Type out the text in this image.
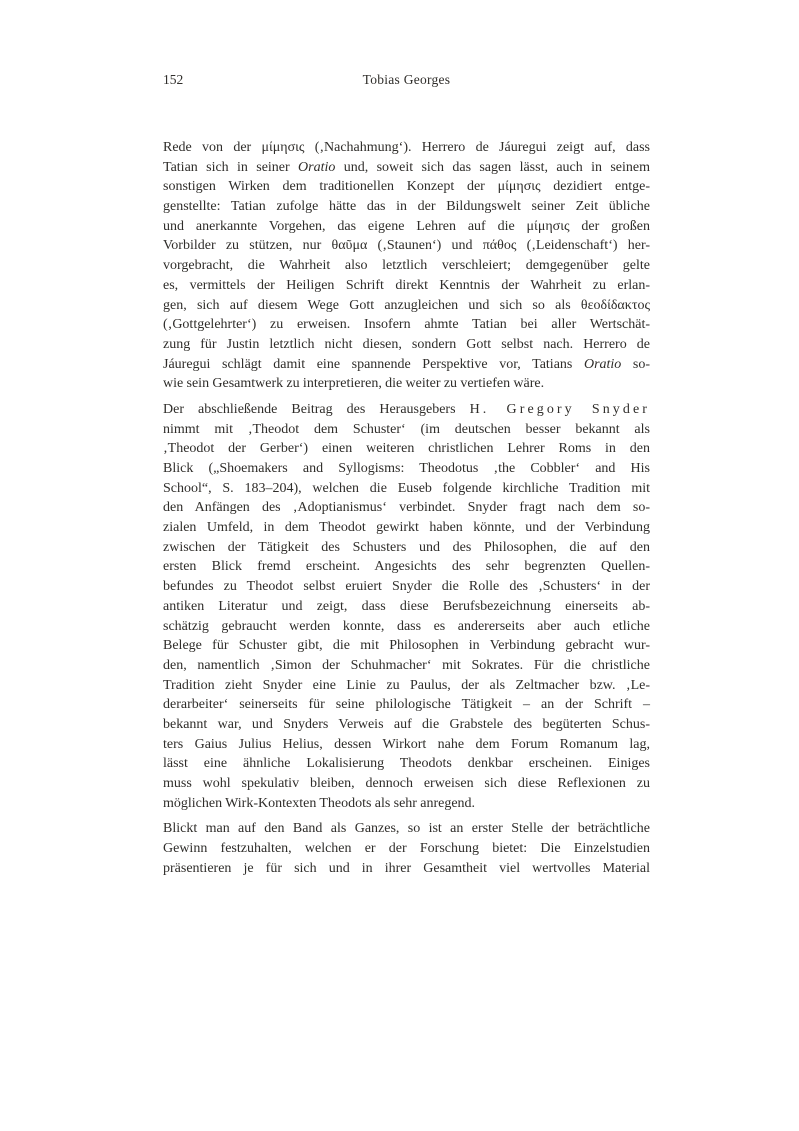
152	Tobias Georges
Rede von der μίμησις (‚Nachahmung‘). Herrero de Jáuregui zeigt auf, dass
Tatian sich in seiner Oratio und, soweit sich das sagen lässt, auch in seinem
sonstigen Wirken dem traditionellen Konzept der μίμησις dezidiert entge-
genstellte: Tatian zufolge hätte das in der Bildungswelt seiner Zeit übliche
und anerkannte Vorgehen, das eigene Lehren auf die μίμησις der großen
Vorbilder zu stützen, nur θαῦμα (‚Staunen‘) und πάθος (‚Leidenschaft‘) her-
vorgebracht, die Wahrheit also letztlich verschleiert; demgegenüber gelte
es, vermittels der Heiligen Schrift direkt Kenntnis der Wahrheit zu erlan-
gen, sich auf diesem Wege Gott anzugleichen und sich so als θεοδίδακτος
(‚Gottgelehrter‘) zu erweisen. Insofern ahmte Tatian bei aller Wertschät-
zung für Justin letztlich nicht diesen, sondern Gott selbst nach. Herrero de
Jáuregui schlägt damit eine spannende Perspektive vor, Tatians Oratio so-
wie sein Gesamtwerk zu interpretieren, die weiter zu vertiefen wäre.
Der abschließende Beitrag des Herausgebers H. Gregory Snyder
nimmt mit ‚Theodot dem Schuster‘ (im deutschen besser bekannt als
‚Theodot der Gerber‘) einen weiteren christlichen Lehrer Roms in den
Blick („Shoemakers and Syllogisms: Theodotus ‚the Cobbler‘ and His
School“, S. 183–204), welchen die Euseb folgende kirchliche Tradition mit
den Anfängen des ‚Adoptianismus‘ verbindet. Snyder fragt nach dem so-
zialen Umfeld, in dem Theodot gewirkt haben könnte, und der Verbindung
zwischen der Tätigkeit des Schusters und des Philosophen, die auf den
ersten Blick fremd erscheint. Angesichts des sehr begrenzten Quellen-
befundes zu Theodot selbst eruiert Snyder die Rolle des ‚Schusters‘ in der
antiken Literatur und zeigt, dass diese Berufsbezeichnung einerseits ab-
schätzig gebraucht werden konnte, dass es andererseits aber auch etliche
Belege für Schuster gibt, die mit Philosophen in Verbindung gebracht wur-
den, namentlich ‚Simon der Schuhmacher‘ mit Sokrates. Für die christliche
Tradition zieht Snyder eine Linie zu Paulus, der als Zeltmacher bzw. ‚Le-
derarbeiter‘ seinerseits für seine philologische Tätigkeit – an der Schrift –
bekannt war, und Snyders Verweis auf die Grabstele des begüterten Schus-
ters Gaius Julius Helius, dessen Wirkort nahe dem Forum Romanum lag,
lässt eine ähnliche Lokalisierung Theodots denkbar erscheinen. Einiges
muss wohl spekulativ bleiben, dennoch erweisen sich diese Reflexionen zu
möglichen Wirk-Kontexten Theodots als sehr anregend.
Blickt man auf den Band als Ganzes, so ist an erster Stelle der beträchtliche
Gewinn festzuhalten, welchen er der Forschung bietet: Die Einzelstudien
präsentieren je für sich und in ihrer Gesamtheit viel wertvolles Material
